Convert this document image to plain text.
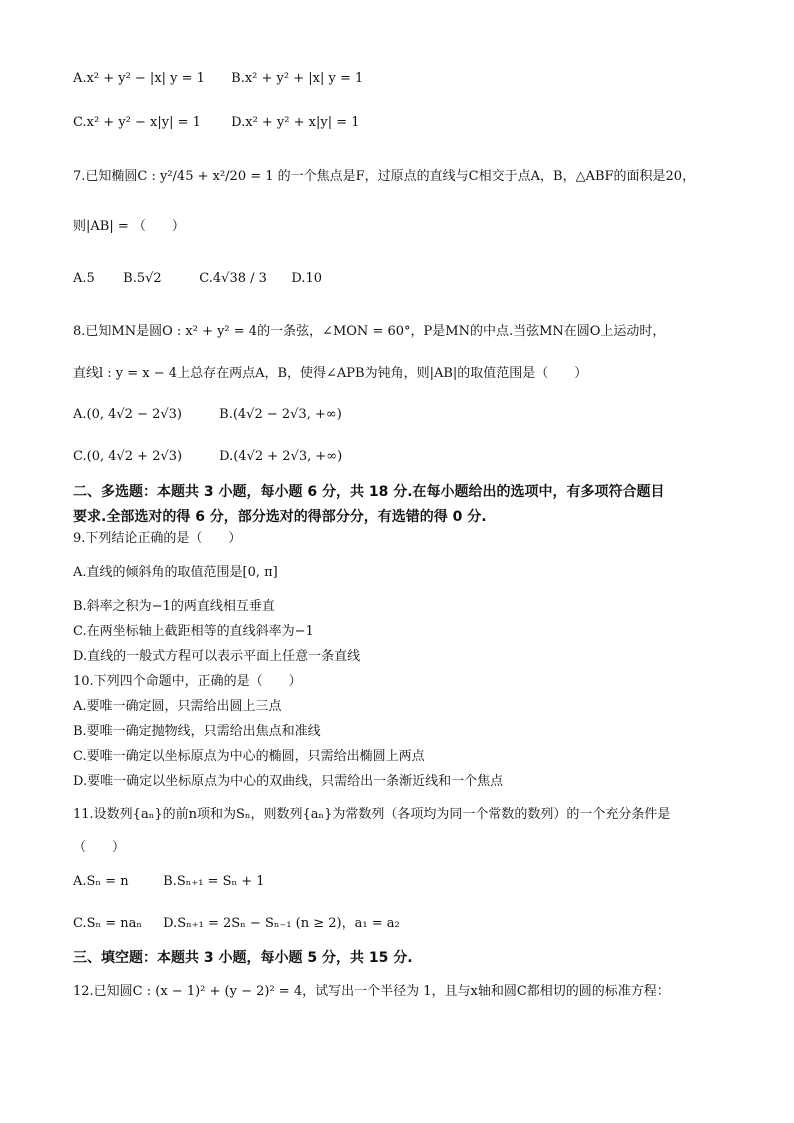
A.x² + y² − |x| y = 1 B.x² + y² + |x| y = 1
C.x² + y² − x|y| = 1 D.x² + y² + x|y| = 1
7.已知椭圆C : y²/45 + x²/20 = 1 的一个焦点是F，过原点的直线与C相交于点A，B，△ABF的面积是20，
则|AB| = （　　）
A.5 B.5√2	C.4√38 / 3 D.10
8.已知MN是圆O : x² + y² = 4的一条弦，∠MON = 60°，P是MN的中点.当弦MN在圆O上运动时，
直线l : y = x − 4上总存在两点A，B，使得∠APB为钝角，则|AB|的取值范围是（　　）
A.(0, 4√2 − 2√3)	B.(4√2 − 2√3, +∞)
C.(0, 4√2 + 2√3)	D.(4√2 + 2√3, +∞)
二、多选题：本题共 3 小题，每小题 6 分，共 18 分.在每小题给出的选项中，有多项符合题目
要求.全部选对的得 6 分，部分选对的得部分分，有选错的得 0 分.
9.下列结论正确的是（　　）
A.直线的倾斜角的取值范围是[0, π]
B.斜率之积为−1的两直线相互垂直
C.在两坐标轴上截距相等的直线斜率为−1
D.直线的一般式方程可以表示平面上任意一条直线
10.下列四个命题中，正确的是（　　）
A.要唯一确定圆，只需给出圆上三点
B.要唯一确定抛物线，只需给出焦点和准线
C.要唯一确定以坐标原点为中心的椭圆，只需给出椭圆上两点
D.要唯一确定以坐标原点为中心的双曲线，只需给出一条渐近线和一个焦点
11.设数列{aₙ}的前n项和为Sₙ，则数列{aₙ}为常数列（各项均为同一个常数的数列）的一个充分条件是
（　　）
A.Sₙ = n	B.Sₙ₊₁ = Sₙ + 1
C.Sₙ = naₙ D.Sₙ₊₁ = 2Sₙ − Sₙ₋₁ (n ≥ 2)，a₁ = a₂
三、填空题：本题共 3 小题，每小题 5 分，共 15 分.
12.已知圆C : (x − 1)² + (y − 2)² = 4，试写出一个半径为 1，且与x轴和圆C都相切的圆的标准方程：
